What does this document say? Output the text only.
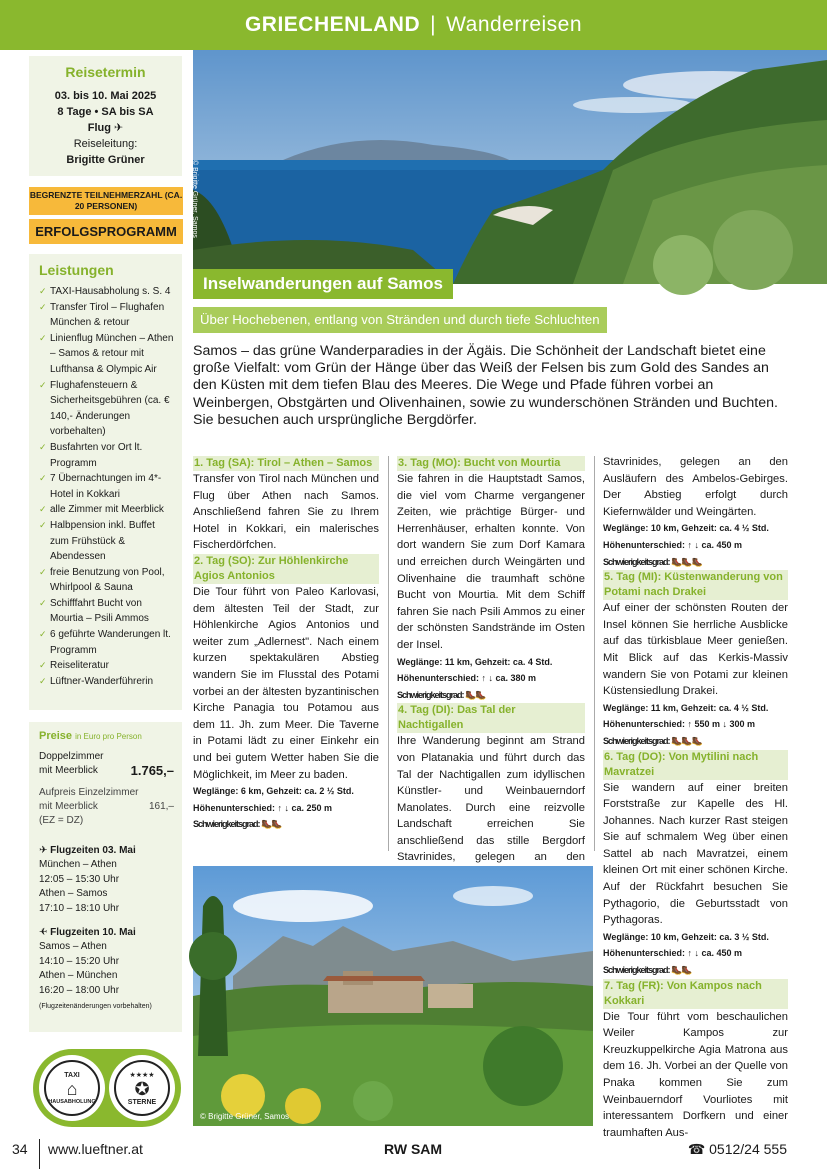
GRIECHENLAND | Wanderreisen
Reisetermin
03. bis 10. Mai 2025
8 Tage • SA bis SA
Flug ✈
Reiseleitung:
Brigitte Grüner
BEGRENZTE TEILNEHMERZAHL (CA. 20 PERSONEN)
ERFOLGSPROGRAMM
Leistungen
✓ TAXI-Hausabholung s. S. 4
✓ Transfer Tirol – Flughafen München & retour
✓ Linienflug München – Athen – Samos & retour mit Lufthansa & Olympic Air
✓ Flughafensteuern & Sicherheitsgebühren (ca. € 140,- Änderungen vorbehalten)
✓ Busfahrten vor Ort lt. Programm
✓ 7 Übernachtungen im 4*-Hotel in Kokkari
✓ alle Zimmer mit Meerblick
✓ Halbpension inkl. Buffet zum Frühstück & Abendessen
✓ freie Benutzung von Pool, Whirlpool & Sauna
✓ Schifffahrt Bucht von Mourtia – Psili Ammos
✓ 6 geführte Wanderungen lt. Programm
✓ Reiseliteratur
✓ Lüftner-Wanderführerin
Preise in Euro pro Person
Doppelzimmer
mit Meerblick	1.765,–
Aufpreis Einzelzimmer
mit Meerblick	161,–
(EZ = DZ)
✈ Flugzeiten 03. Mai
München – Athen
12:05 – 15:30 Uhr
Athen – Samos
17:10 – 18:10 Uhr
✈ Flugzeiten 10. Mai
Samos – Athen
14:10 – 15:20 Uhr
Athen – München
16:20 – 18:00 Uhr
(Flugzeitenänderungen vorbehalten)
TAXI
⌂
HAUSABHOLUNG
★★★★
✪
STERNE
© Brigitte Grüner, Samos
Inselwanderungen auf Samos
Über Hochebenen, entlang von Stränden und durch tiefe Schluchten
Samos – das grüne Wanderparadies in der Ägäis. Die Schönheit der Landschaft bietet eine große Vielfalt: vom Grün der Hänge über das Weiß der Felsen bis zum Gold des Sandes an den Küsten mit dem tiefen Blau des Meeres. Die Wege und Pfade führen vorbei an Weinbergen, Obstgärten und Olivenhainen, sowie zu wunderschönen Stränden und Buchten. Sie besuchen auch ursprüngliche Bergdörfer.
1. Tag (SA): Tirol – Athen – Samos
Transfer von Tirol nach München und Flug über Athen nach Samos. Anschließend fahren Sie zu Ihrem Hotel in Kokkari, ein malerisches Fischerdörfchen.
2. Tag (SO): Zur Höhlenkirche Agios Antonios
Die Tour führt von Paleo Karlovasi, dem ältesten Teil der Stadt, zur Höhlenkirche Agios Antonios und weiter zum „Adlernest". Nach einem kurzen spektakulären Abstieg wandern Sie im Flusstal des Potami vorbei an der ältesten byzantinischen Kirche Panagia tou Potamou aus dem 11. Jh. zum Meer. Die Taverne in Potami lädt zu einer Einkehr ein und bei gutem Wetter haben Sie die Möglichkeit, im Meer zu baden.
Weglänge: 6 km, Gehzeit: ca. 2 ½ Std.
Höhenunterschied: ↑ ↓ ca. 250 m
Schwierigkeitsgrad: 🥾🥾
3. Tag (MO): Bucht von Mourtia
Sie fahren in die Hauptstadt Samos, die viel vom Charme vergangener Zeiten, wie prächtige Bürger- und Herrenhäuser, erhalten konnte. Von dort wandern Sie zum Dorf Kamara und erreichen durch Weingärten und Olivenhaine die traumhaft schöne Bucht von Mourtia. Mit dem Schiff fahren Sie nach Psili Ammos zu einer der schönsten Sandstrände im Osten der Insel.
Weglänge: 11 km, Gehzeit: ca. 4 Std.
Höhenunterschied: ↑ ↓ ca. 380 m
Schwierigkeitsgrad: 🥾🥾
4. Tag (DI): Das Tal der Nachtigallen
Ihre Wanderung beginnt am Strand von Platanakia und führt durch das Tal der Nachtigallen zum idyllischen Künstler- und Weinbauerndorf Manolates. Durch eine reizvolle Landschaft erreichen Sie anschließend das stille Bergdorf Stavrinides, gelegen an den
Stavrinides, gelegen an den Ausläufern des Ambelos-Gebirges. Der Abstieg erfolgt durch Kiefernwälder und Weingärten.
Weglänge: 10 km, Gehzeit: ca. 4 ½ Std.
Höhenunterschied: ↑ ↓ ca. 450 m
Schwierigkeitsgrad: 🥾🥾🥾
5. Tag (MI): Küstenwanderung von Potami nach Drakei
Auf einer der schönsten Routen der Insel können Sie herrliche Ausblicke auf das türkisblaue Meer genießen. Mit Blick auf das Kerkis-Massiv wandern Sie von Potami zur kleinen Küstensiedlung Drakei.
Weglänge: 11 km, Gehzeit: ca. 4 ½ Std.
Höhenunterschied: ↑ 550 m ↓ 300 m
Schwierigkeitsgrad: 🥾🥾🥾
6. Tag (DO): Von Mytilini nach Mavratzei
Sie wandern auf einer breiten Forststraße zur Kapelle des Hl. Johannes. Nach kurzer Rast steigen Sie auf schmalem Weg über einen Sattel ab nach Mavratzei, einem kleinen Ort mit einer schönen Kirche. Auf der Rückfahrt besuchen Sie Pythagorio, die Geburtsstadt von Pythagoras.
Weglänge: 10 km, Gehzeit: ca. 3 ½ Std.
Höhenunterschied: ↑ ↓ ca. 450 m
Schwierigkeitsgrad: 🥾🥾
7. Tag (FR): Von Kampos nach Kokkari
Die Tour führt vom beschaulichen Weiler Kampos zur Kreuzkuppelkirche Agia Matrona aus dem 16. Jh. Vorbei an der Quelle von Pnaka kommen Sie zum Weinbauerndorf Vourliotes mit interessantem Dorfkern und einer traumhaften Aus-
© Brigitte Grüner, Samos
34 www.lueftner.at	RW SAM	☎ 0512/24 555
